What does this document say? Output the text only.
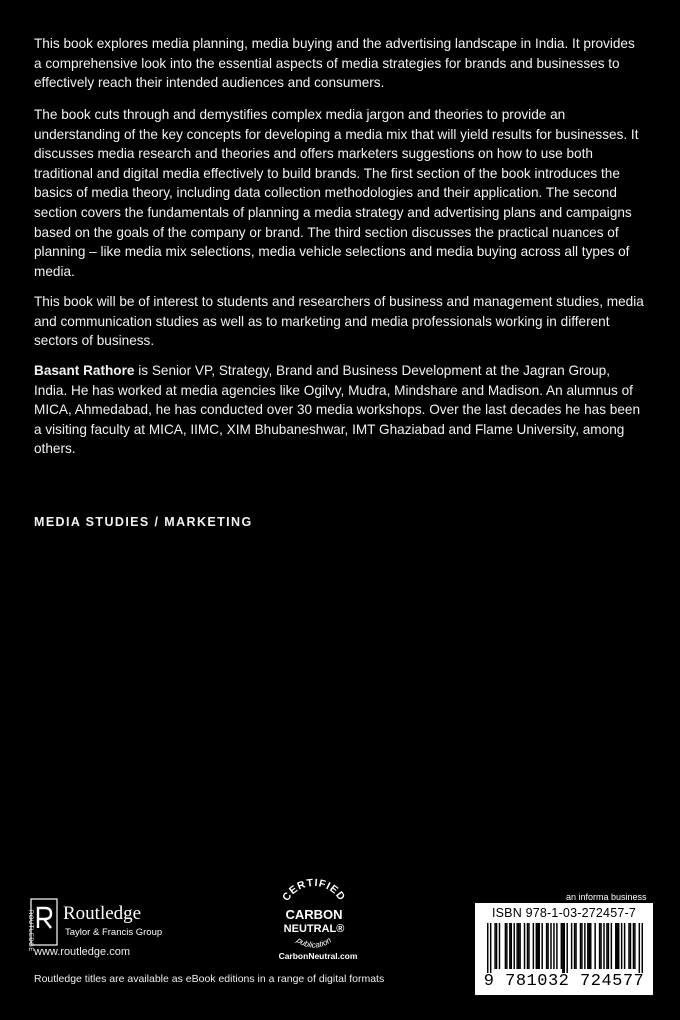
This book explores media planning, media buying and the advertising landscape in India. It provides a comprehensive look into the essential aspects of media strategies for brands and businesses to effectively reach their intended audiences and consumers.

The book cuts through and demystifies complex media jargon and theories to provide an understanding of the key concepts for developing a media mix that will yield results for businesses. It discusses media research and theories and offers marketers suggestions on how to use both traditional and digital media effectively to build brands. The first section of the book introduces the basics of media theory, including data collection methodologies and their application. The second section covers the fundamentals of planning a media strategy and advertising plans and campaigns based on the goals of the company or brand. The third section discusses the practical nuances of planning – like media mix selections, media vehicle selections and media buying across all types of media.

This book will be of interest to students and researchers of business and management studies, media and communication studies as well as to marketing and media professionals working in different sectors of business.

Basant Rathore is Senior VP, Strategy, Brand and Business Development at the Jagran Group, India. He has worked at media agencies like Ogilvy, Mudra, Mindshare and Madison. An alumnus of MICA, Ahmedabad, he has conducted over 30 media workshops. Over the last decades he has been a visiting faculty at MICA, IIMC, XIM Bhubaneshwar, IMT Ghaziabad and Flame University, among others.

MEDIA STUDIES / MARKETING

ROUTLEDGE Routledge
Taylor & Francis Group
www.routledge.com
Routledge titles are available as eBook editions in a range of digital formats
CERTIFIED
CARBON
NEUTRAL®
publication
CarbonNeutral.com
an informa business
ISBN 978-1-03-272457-7
9 781032 724577
